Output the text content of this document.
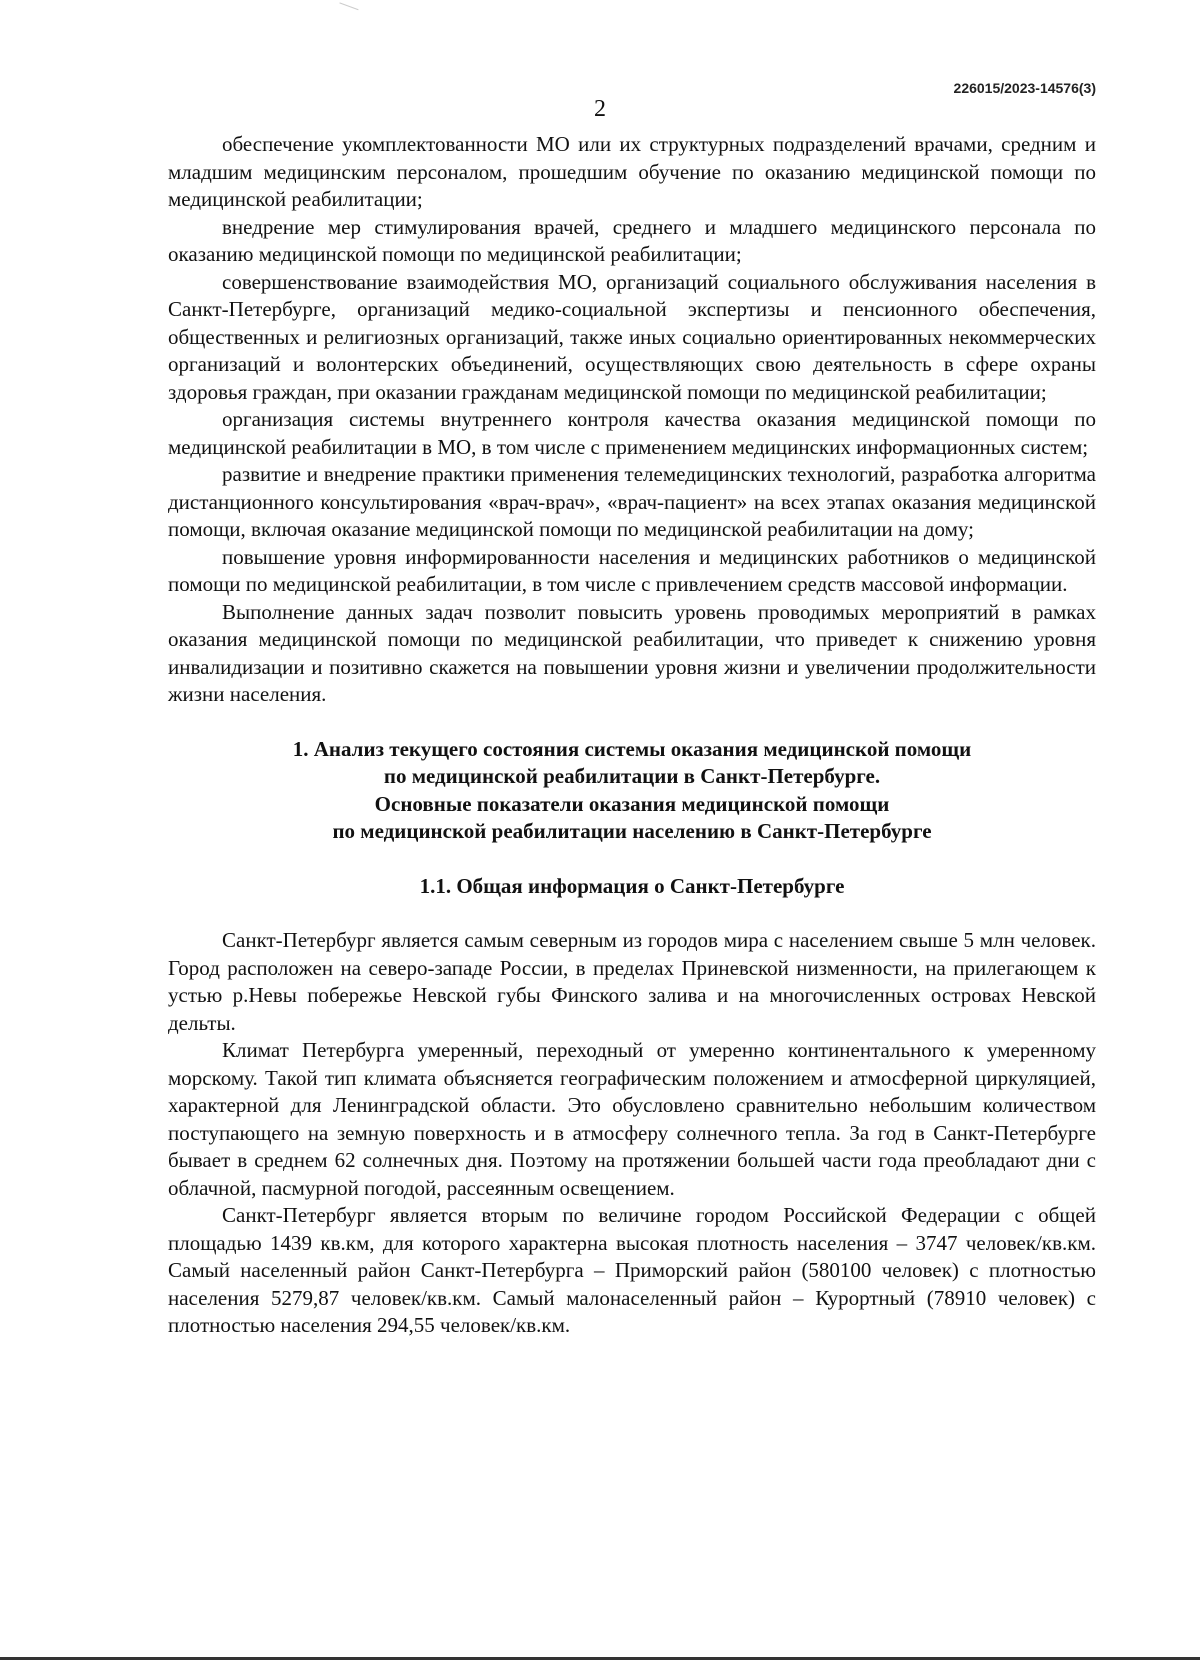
226015/2023-14576(3)
2

обеспечение укомплектованности МО или их структурных подразделений врачами, средним и младшим медицинским персоналом, прошедшим обучение по оказанию медицинской помощи по медицинской реабилитации;

внедрение мер стимулирования врачей, среднего и младшего медицинского персонала по оказанию медицинской помощи по медицинской реабилитации;

совершенствование взаимодействия МО, организаций социального обслуживания населения в Санкт-Петербурге, организаций медико-социальной экспертизы и пенсионного обеспечения, общественных и религиозных организаций, также иных социально ориентированных некоммерческих организаций и волонтерских объединений, осуществляющих свою деятельность в сфере охраны здоровья граждан, при оказании гражданам медицинской помощи по медицинской реабилитации;

организация системы внутреннего контроля качества оказания медицинской помощи по медицинской реабилитации в МО, в том числе с применением медицинских информационных систем;

развитие и внедрение практики применения телемедицинских технологий, разработка алгоритма дистанционного консультирования «врач-врач», «врач-пациент» на всех этапах оказания медицинской помощи, включая оказание медицинской помощи по медицинской реабилитации на дому;

повышение уровня информированности населения и медицинских работников о медицинской помощи по медицинской реабилитации, в том числе с привлечением средств массовой информации.

Выполнение данных задач позволит повысить уровень проводимых мероприятий в рамках оказания медицинской помощи по медицинской реабилитации, что приведет к снижению уровня инвалидизации и позитивно скажется на повышении уровня жизни и увеличении продолжительности жизни населения.

1. Анализ текущего состояния системы оказания медицинской помощи
по медицинской реабилитации в Санкт-Петербурге.
Основные показатели оказания медицинской помощи
по медицинской реабилитации населению в Санкт-Петербурге

1.1. Общая информация о Санкт-Петербурге

Санкт-Петербург является самым северным из городов мира с населением свыше 5 млн человек. Город расположен на северо-западе России, в пределах Приневской низменности, на прилегающем к устью р.Невы побережье Невской губы Финского залива и на многочисленных островах Невской дельты.

Климат Петербурга умеренный, переходный от умеренно континентального к умеренному морскому. Такой тип климата объясняется географическим положением и атмосферной циркуляцией, характерной для Ленинградской области. Это обусловлено сравнительно небольшим количеством поступающего на земную поверхность и в атмосферу солнечного тепла. За год в Санкт-Петербурге бывает в среднем 62 солнечных дня. Поэтому на протяжении большей части года преобладают дни с облачной, пасмурной погодой, рассеянным освещением.

Санкт-Петербург является вторым по величине городом Российской Федерации с общей площадью 1439 кв.км, для которого характерна высокая плотность населения – 3747 человек/кв.км. Самый населенный район Санкт-Петербурга – Приморский район (580100 человек) с плотностью населения 5279,87 человек/кв.км. Самый малонаселенный район – Курортный (78910 человек) с плотностью населения 294,55 человек/кв.км.
